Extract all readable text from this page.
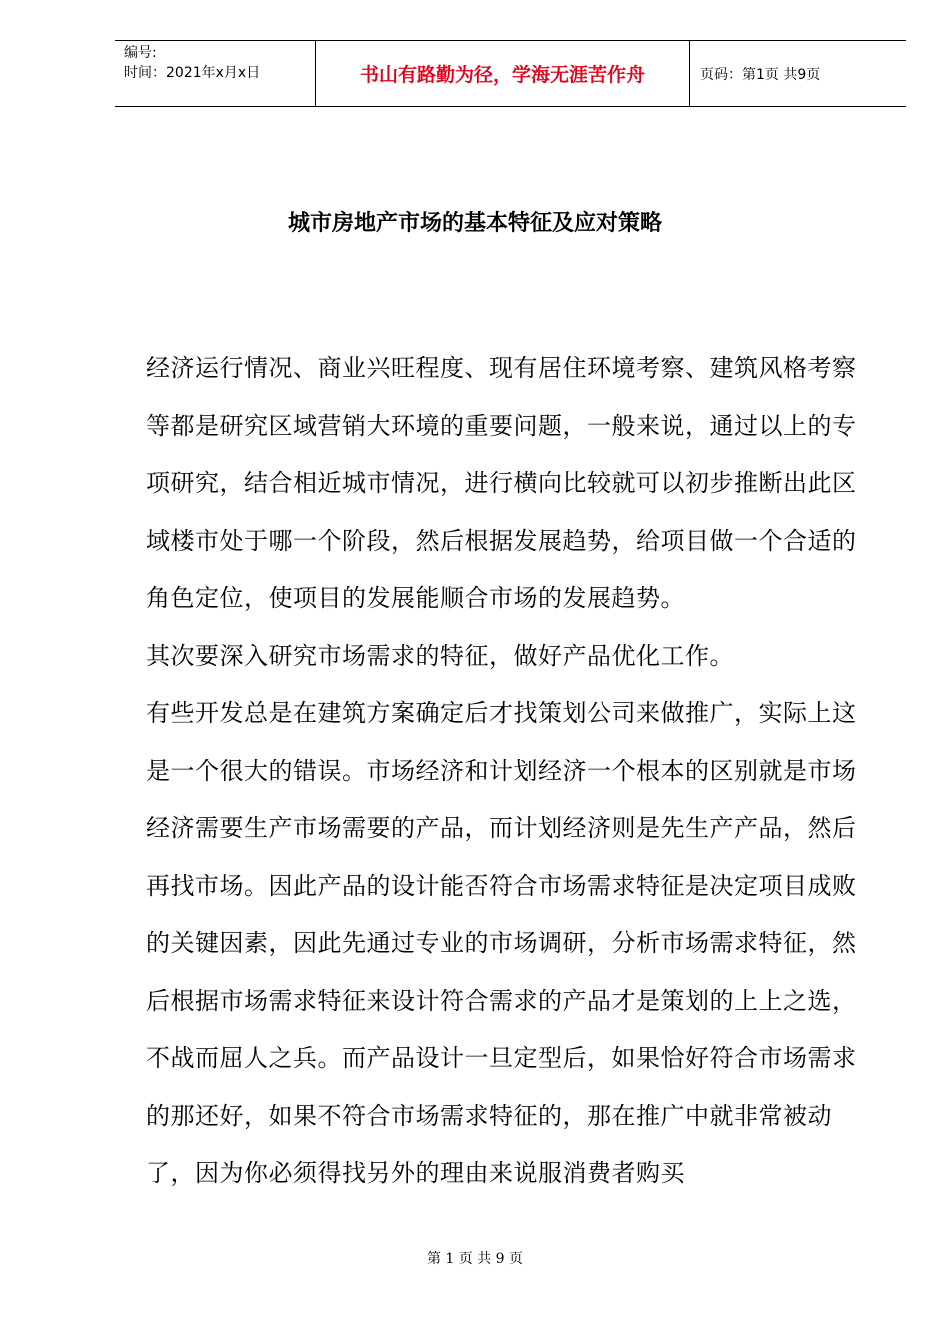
编号:
时间：2021年x月x日	书山有路勤为径，学海无涯苦作舟	页码：第1页 共9页
城市房地产市场的基本特征及应对策略

经济运行情况、商业兴旺程度、现有居住环境考察、建筑风格考察等都是研究区域营销大环境的重要问题，一般来说，通过以上的专项研究，结合相近城市情况，进行横向比较就可以初步推断出此区域楼市处于哪一个阶段，然后根据发展趋势，给项目做一个合适的角色定位，使项目的发展能顺合市场的发展趋势。

其次要深入研究市场需求的特征，做好产品优化工作。

有些开发总是在建筑方案确定后才找策划公司来做推广，实际上这是一个很大的错误。市场经济和计划经济一个根本的区别就是市场经济需要生产市场需要的产品，而计划经济则是先生产产品，然后再找市场。因此产品的设计能否符合市场需求特征是决定项目成败的关键因素，因此先通过专业的市场调研，分析市场需求特征，然后根据市场需求特征来设计符合需求的产品才是策划的上上之选，不战而屈人之兵。而产品设计一旦定型后，如果恰好符合市场需求的那还好，如果不符合市场需求特征的，那在推广中就非常被动了，因为你必须得找另外的理由来说服消费者购买

第 1 页 共 9 页
